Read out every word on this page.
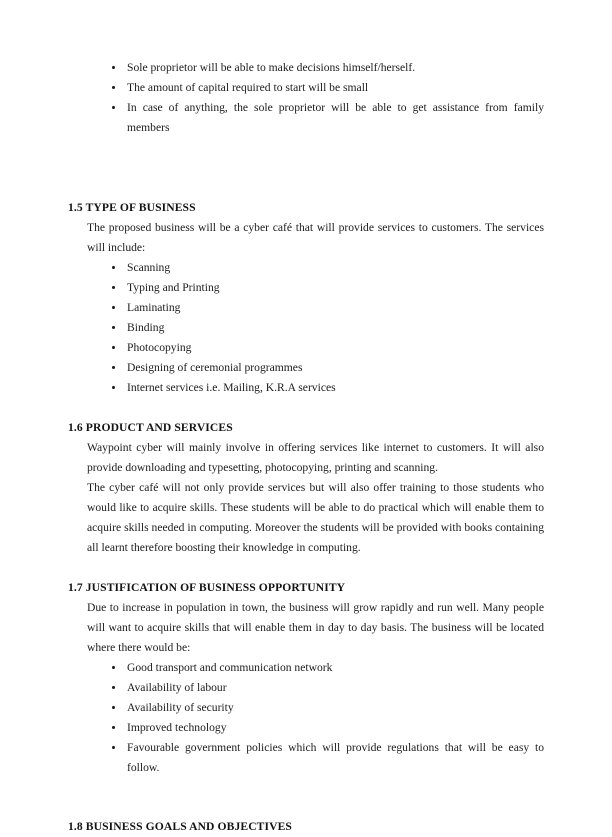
Sole proprietor will be able to make decisions himself/herself.
The amount of capital required to start will be small
In case of anything, the sole proprietor will be able to get assistance from family members
1.5 TYPE OF BUSINESS

The proposed business will be a cyber café that will provide services to customers. The services will include:

Scanning
Typing and Printing
Laminating
Binding
Photocopying
Designing of ceremonial programmes
Internet services i.e. Mailing, K.R.A services
1.6 PRODUCT AND SERVICES

Waypoint cyber will mainly involve in offering services like internet to customers. It will also provide downloading and typesetting, photocopying, printing and scanning.

The cyber café will not only provide services but will also offer training to those students who would like to acquire skills. These students will be able to do practical which will enable them to acquire skills needed in computing. Moreover the students will be provided with books containing all learnt therefore boosting their knowledge in computing.

1.7 JUSTIFICATION OF BUSINESS OPPORTUNITY

Due to increase in population in town, the business will grow rapidly and run well. Many people will want to acquire skills that will enable them in day to day basis. The business will be located where there would be:

Good transport and communication network
Availability of labour
Availability of security
Improved technology
Favourable government policies which will provide regulations that will be easy to follow.
1.8 BUSINESS GOALS AND OBJECTIVES
